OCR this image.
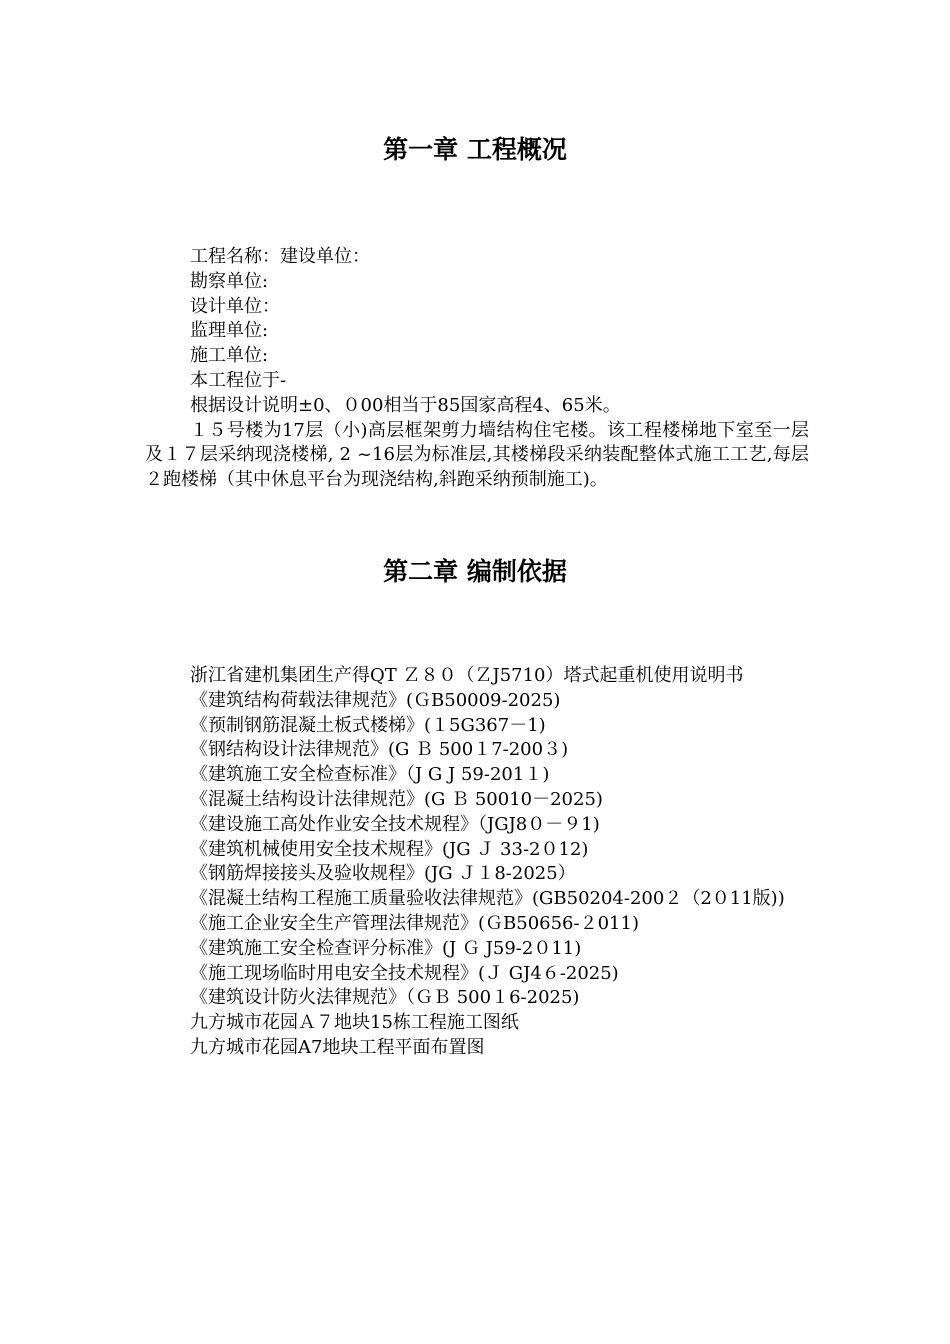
第一章 工程概况
工程名称：建设单位：
勘察单位:
设计单位：
监理单位:
施工单位:
本工程位于-
根据设计说明±0、０00相当于85国家高程4、65米。

１５号楼为17层（小)高层框架剪力墙结构住宅楼。该工程楼梯地下室至一层及１７层采纳现浇楼梯, 2 ~16层为标准层,其楼梯段采纳装配整体式施工工艺,每层２跑楼梯（其中休息平台为现浇结构,斜跑采纳预制施工)。

第二章 编制依据

浙江省建机集团生产得QT Ｚ８０（ＺJ5710）塔式起重机使用说明书

《建筑结构荷载法律规范》(ＧB50009-2025)
《预制钢筋混凝土板式楼梯》(１5G367－1)
《钢结构设计法律规范》(G Ｂ 500１7-200３)
《建筑施工安全检查标准》（J G J 59-201１)
《混凝土结构设计法律规范》(G Ｂ 50010－2025)
《建设施工高处作业安全技术规程》（JGJ8０－９1)
《建筑机械使用安全技术规程》(JG Ｊ 33-2０12)
《钢筋焊接接头及验收规程》(JG Ｊ１8-2025）

《混凝土结构工程施工质量验收法律规范》(GB50204-200２（2０11版))

《施工企业安全生产管理法律规范》(ＧB50656-２011)
《建筑施工安全检查评分标准》(J Ｇ J59-2０11)
《施工现场临时用电安全技术规程》(Ｊ GJ4６-2025)
《建筑设计防火法律规范》（ＧＢ 500１6-2025)
九方城市花园Ａ７地块15栋工程施工图纸
九方城市花园A7地块工程平面布置图
